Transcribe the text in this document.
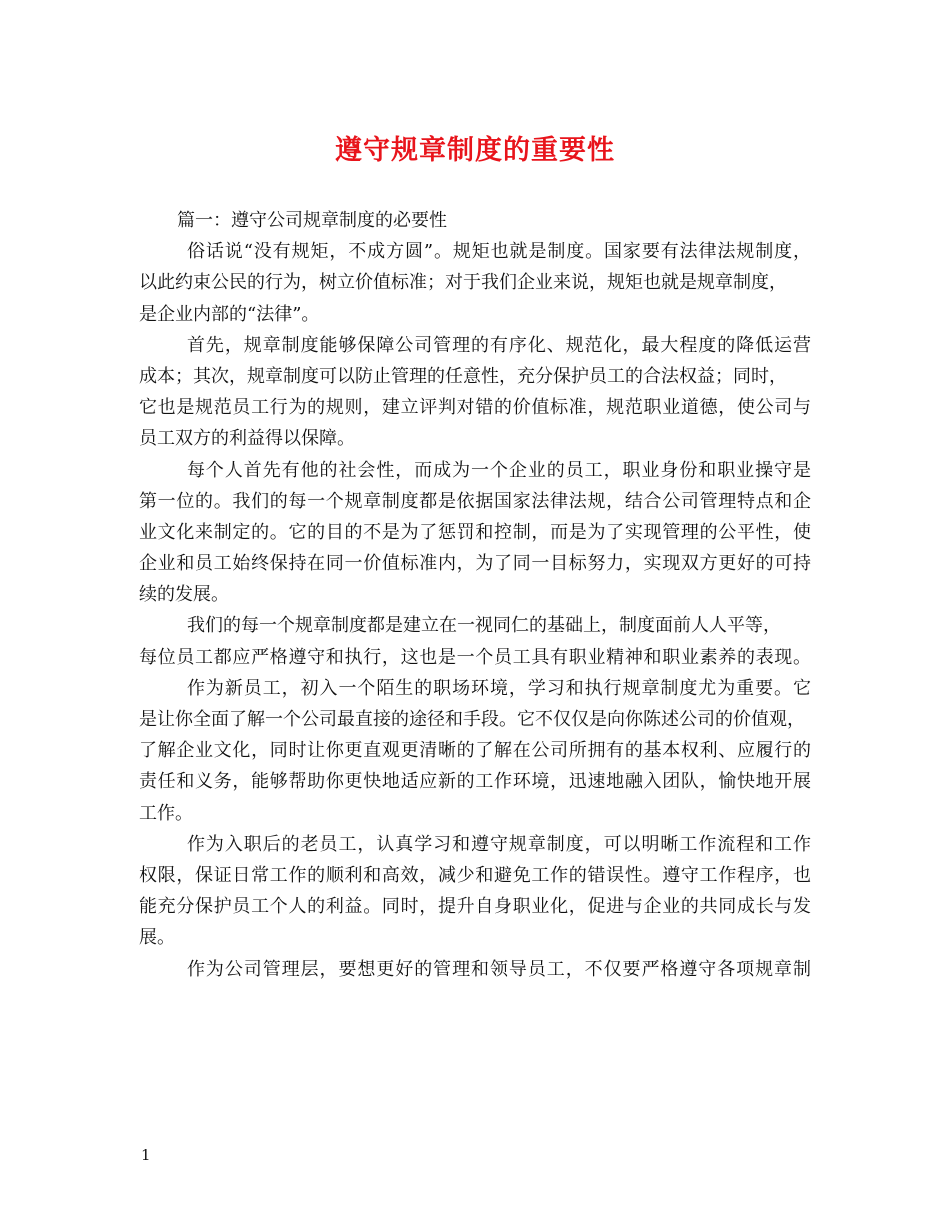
遵守规章制度的重要性
篇一：遵守公司规章制度的必要性
俗话说“没有规矩，不成方圆”。规矩也就是制度。国家要有法律法规制度，
以此约束公民的行为，树立价值标准；对于我们企业来说，规矩也就是规章制度，
是企业内部的“法律”。
首先，规章制度能够保障公司管理的有序化、规范化，最大程度的降低运营
成本；其次，规章制度可以防止管理的任意性，充分保护员工的合法权益；同时，
它也是规范员工行为的规则，建立评判对错的价值标准，规范职业道德，使公司与
员工双方的利益得以保障。
每个人首先有他的社会性，而成为一个企业的员工，职业身份和职业操守是
第一位的。我们的每一个规章制度都是依据国家法律法规，结合公司管理特点和企
业文化来制定的。它的目的不是为了惩罚和控制，而是为了实现管理的公平性，使
企业和员工始终保持在同一价值标准内，为了同一目标努力，实现双方更好的可持
续的发展。
我们的每一个规章制度都是建立在一视同仁的基础上，制度面前人人平等，
每位员工都应严格遵守和执行，这也是一个员工具有职业精神和职业素养的表现。
作为新员工，初入一个陌生的职场环境，学习和执行规章制度尤为重要。它
是让你全面了解一个公司最直接的途径和手段。它不仅仅是向你陈述公司的价值观，
了解企业文化，同时让你更直观更清晰的了解在公司所拥有的基本权利、应履行的
责任和义务，能够帮助你更快地适应新的工作环境，迅速地融入团队，愉快地开展
工作。
作为入职后的老员工，认真学习和遵守规章制度，可以明晰工作流程和工作
权限，保证日常工作的顺利和高效，减少和避免工作的错误性。遵守工作程序，也
能充分保护员工个人的利益。同时，提升自身职业化，促进与企业的共同成长与发
展。
作为公司管理层，要想更好的管理和领导员工，不仅要严格遵守各项规章制
1
